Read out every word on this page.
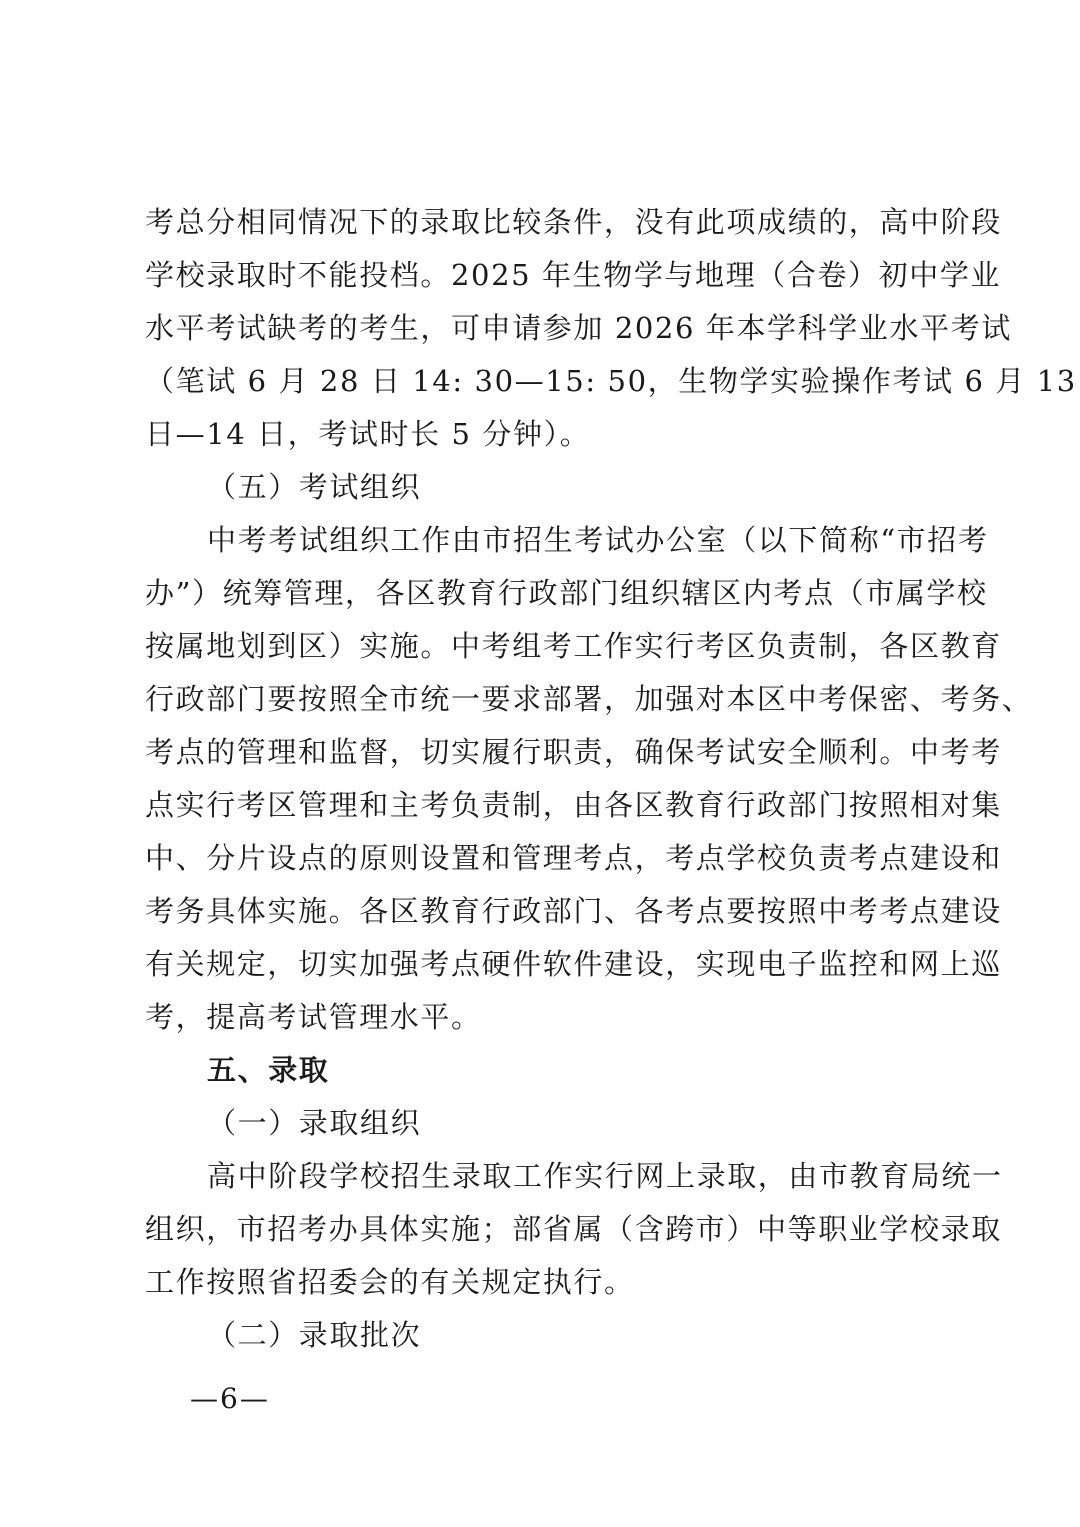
考总分相同情况下的录取比较条件，没有此项成绩的，高中阶段
学校录取时不能投档。2025 年生物学与地理（合卷）初中学业
水平考试缺考的考生，可申请参加 2026 年本学科学业水平考试
（笔试 6 月 28 日 14: 30—15: 50，生物学实验操作考试 6 月 13
日—14 日，考试时长 5 分钟）。
（五）考试组织
中考考试组织工作由市招生考试办公室（以下简称“市招考
办”）统筹管理，各区教育行政部门组织辖区内考点（市属学校
按属地划到区）实施。中考组考工作实行考区负责制，各区教育
行政部门要按照全市统一要求部署，加强对本区中考保密、考务、
考点的管理和监督，切实履行职责，确保考试安全顺利。中考考
点实行考区管理和主考负责制，由各区教育行政部门按照相对集
中、分片设点的原则设置和管理考点，考点学校负责考点建设和
考务具体实施。各区教育行政部门、各考点要按照中考考点建设
有关规定，切实加强考点硬件软件建设，实现电子监控和网上巡
考，提高考试管理水平。
五、录取
（一）录取组织
高中阶段学校招生录取工作实行网上录取，由市教育局统一
组织，市招考办具体实施；部省属（含跨市）中等职业学校录取
工作按照省招委会的有关规定执行。
（二）录取批次
—6—
